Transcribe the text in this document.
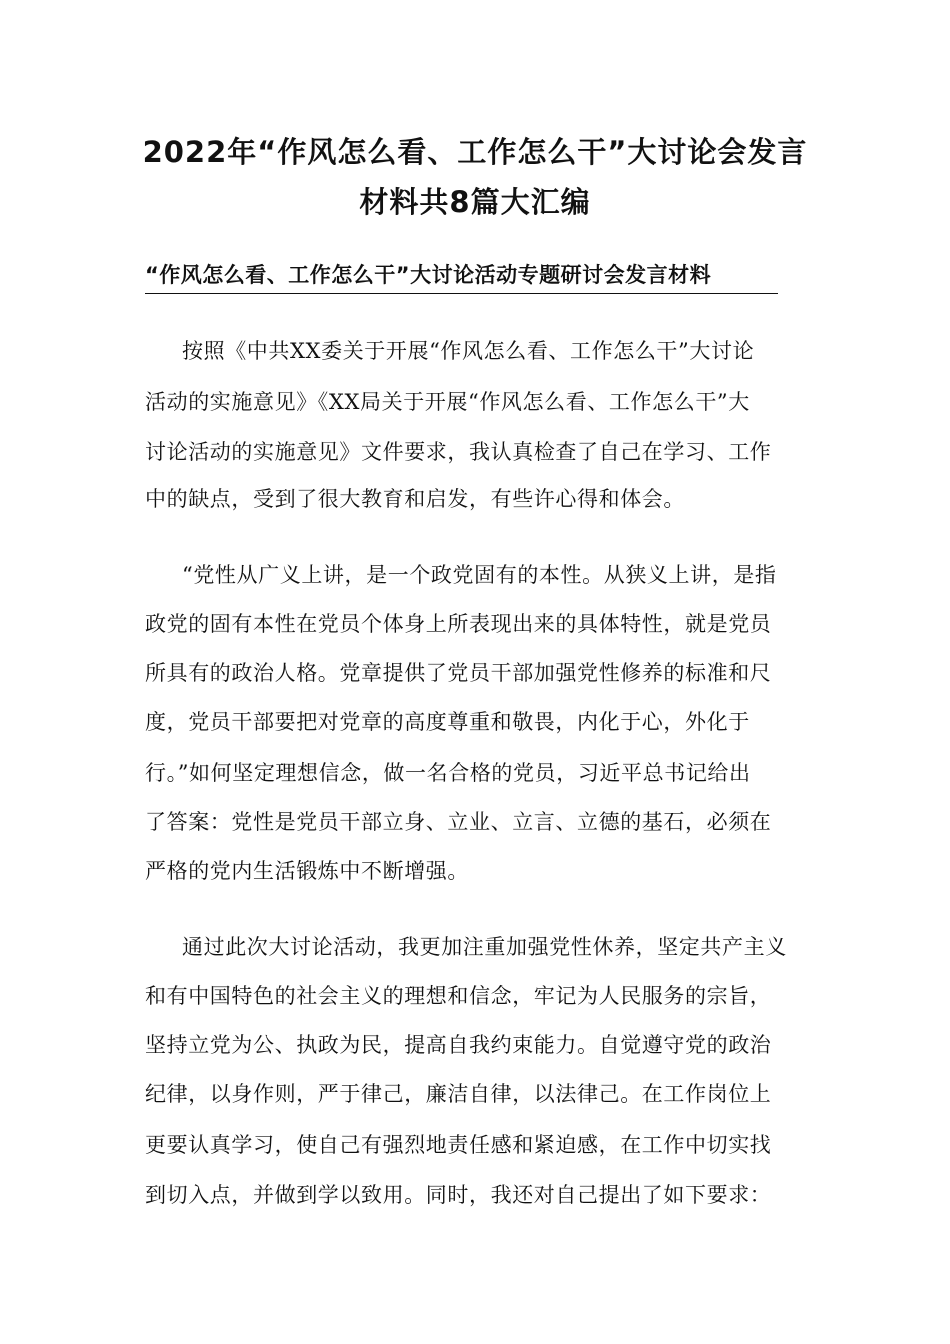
2022年“作风怎么看、工作怎么干”大讨论会发言
材料共8篇大汇编
“作风怎么看、工作怎么干”大讨论活动专题研讨会发言材料
按照《中共XX委关于开展“作风怎么看、工作怎么干”大讨论
活动的实施意见》《XX局关于开展“作风怎么看、工作怎么干”大
讨论活动的实施意见》文件要求，我认真检查了自己在学习、工作
中的缺点，受到了很大教育和启发，有些许心得和体会。
“党性从广义上讲，是一个政党固有的本性。从狭义上讲，是指
政党的固有本性在党员个体身上所表现出来的具体特性，就是党员
所具有的政治人格。党章提供了党员干部加强党性修养的标准和尺
度，党员干部要把对党章的高度尊重和敬畏，内化于心，外化于
行。”如何坚定理想信念，做一名合格的党员，习近平总书记给出
了答案：党性是党员干部立身、立业、立言、立德的基石，必须在
严格的党内生活锻炼中不断增强。
通过此次大讨论活动，我更加注重加强党性休养，坚定共产主义
和有中国特色的社会主义的理想和信念，牢记为人民服务的宗旨，
坚持立党为公、执政为民，提高自我约束能力。自觉遵守党的政治
纪律，以身作则，严于律己，廉洁自律，以法律己。在工作岗位上
更要认真学习，使自己有强烈地责任感和紧迫感，在工作中切实找
到切入点，并做到学以致用。同时，我还对自己提出了如下要求：
